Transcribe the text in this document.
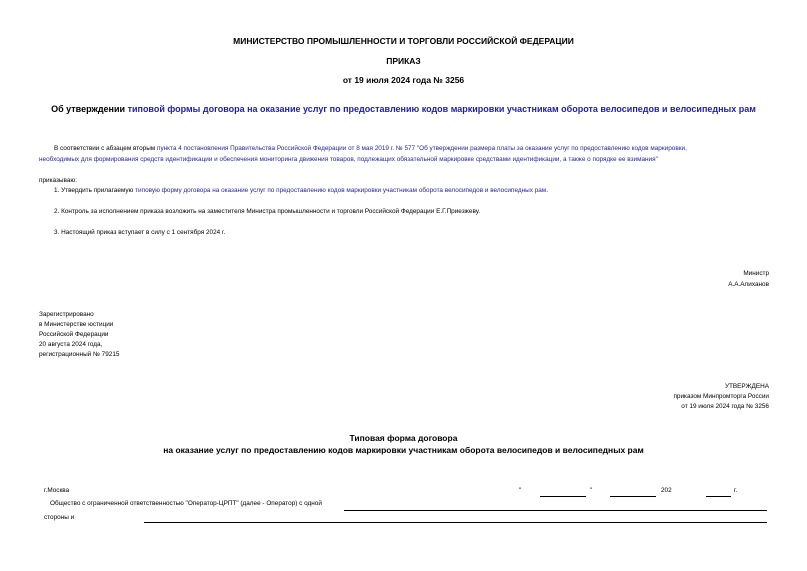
МИНИСТЕРСТВО ПРОМЫШЛЕННОСТИ И ТОРГОВЛИ РОССИЙСКОЙ ФЕДЕРАЦИИ
ПРИКАЗ
от 19 июля 2024 года № 3256
Об утверждении типовой формы договора на оказание услуг по предоставлению кодов маркировки участникам оборота велосипедов и велосипедных рам
В соответствии с абзацем вторым пункта 4 постановления Правительства Российской Федерации от 8 мая 2019 г. № 577 "Об утверждении размера платы за оказание услуг по предоставлению кодов маркировки,
необходимых для формирования средств идентификации и обеспечения мониторинга движения товаров, подлежащих обязательной маркировке средствами идентификации, а также о порядке ее взимания"
приказываю:
1. Утвердить прилагаемую типовую форму договора на оказание услуг по предоставлению кодов маркировки участникам оборота велосипедов и велосипедных рам.
2. Контроль за исполнением приказа возложить на заместителя Министра промышленности и торговли Российской Федерации Е.Г.Приезжеву.
3. Настоящий приказ вступает в силу с 1 сентября 2024 г.
Министр
А.А.Алиханов
Зарегистрировано
в Министерстве юстиции
Российской Федерации
20 августа 2024 года,
регистрационный № 79215
УТВЕРЖДЕНА
приказом Минпромторга России
от 19 июля 2024 года № 3256
Типовая форма договора
на оказание услуг по предоставлению кодов маркировки участникам оборота велосипедов и велосипедных рам
г.Москва	"	"	202	г.
Общество с ограниченной ответственностью "Оператор-ЦРПТ" (далее - Оператор) с одной
стороны и
